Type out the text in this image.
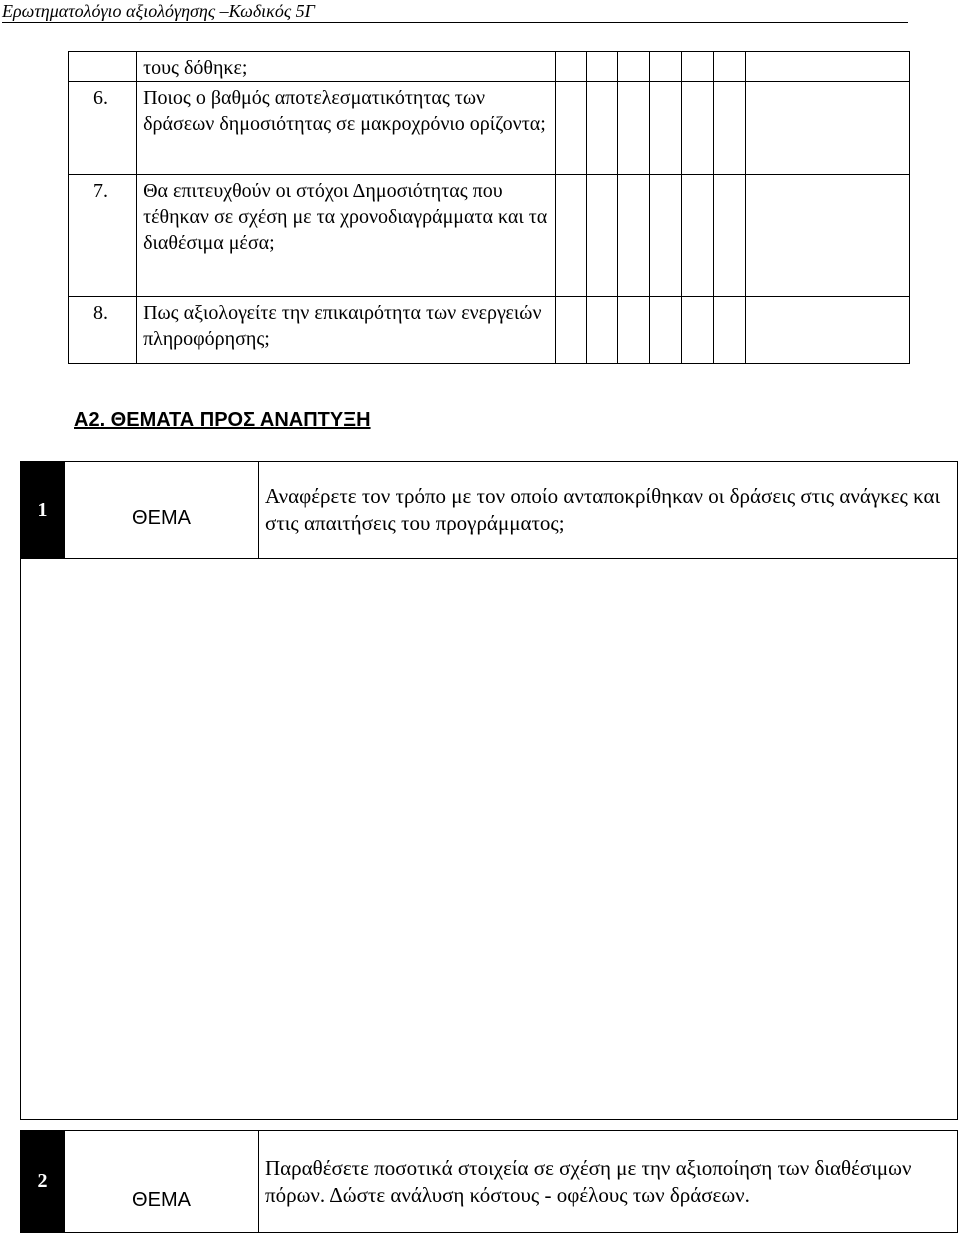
Ερωτηματολόγιο αξιολόγησης –Κωδικός 5Γ

	τους δόθηκε;							

6.	Ποιος ο βαθμός αποτελεσματικότητας των δράσεων δημοσιότητας σε μακροχρόνιο ορίζοντα;							

7.	Θα επιτευχθούν οι στόχοι Δημοσιότητας που τέθηκαν σε σχέση με τα χρονοδιαγράμματα και τα διαθέσιμα μέσα;							

8.	Πως αξιολογείτε την επικαιρότητα των ενεργειών πληροφόρησης;							

Α2. ΘΕΜΑΤΑ ΠΡΟΣ ΑΝΑΠΤΥΞΗ
1	ΘΕΜΑ	Αναφέρετε τον τρόπο με τον οποίο ανταποκρίθηκαν οι δράσεις στις ανάγκες και στις απαιτήσεις του προγράμματος;

2	ΘΕΜΑ	Παραθέσετε ποσοτικά στοιχεία σε σχέση με την αξιοποίηση των διαθέσιμων πόρων. Δώστε ανάλυση κόστους - οφέλους των δράσεων.
